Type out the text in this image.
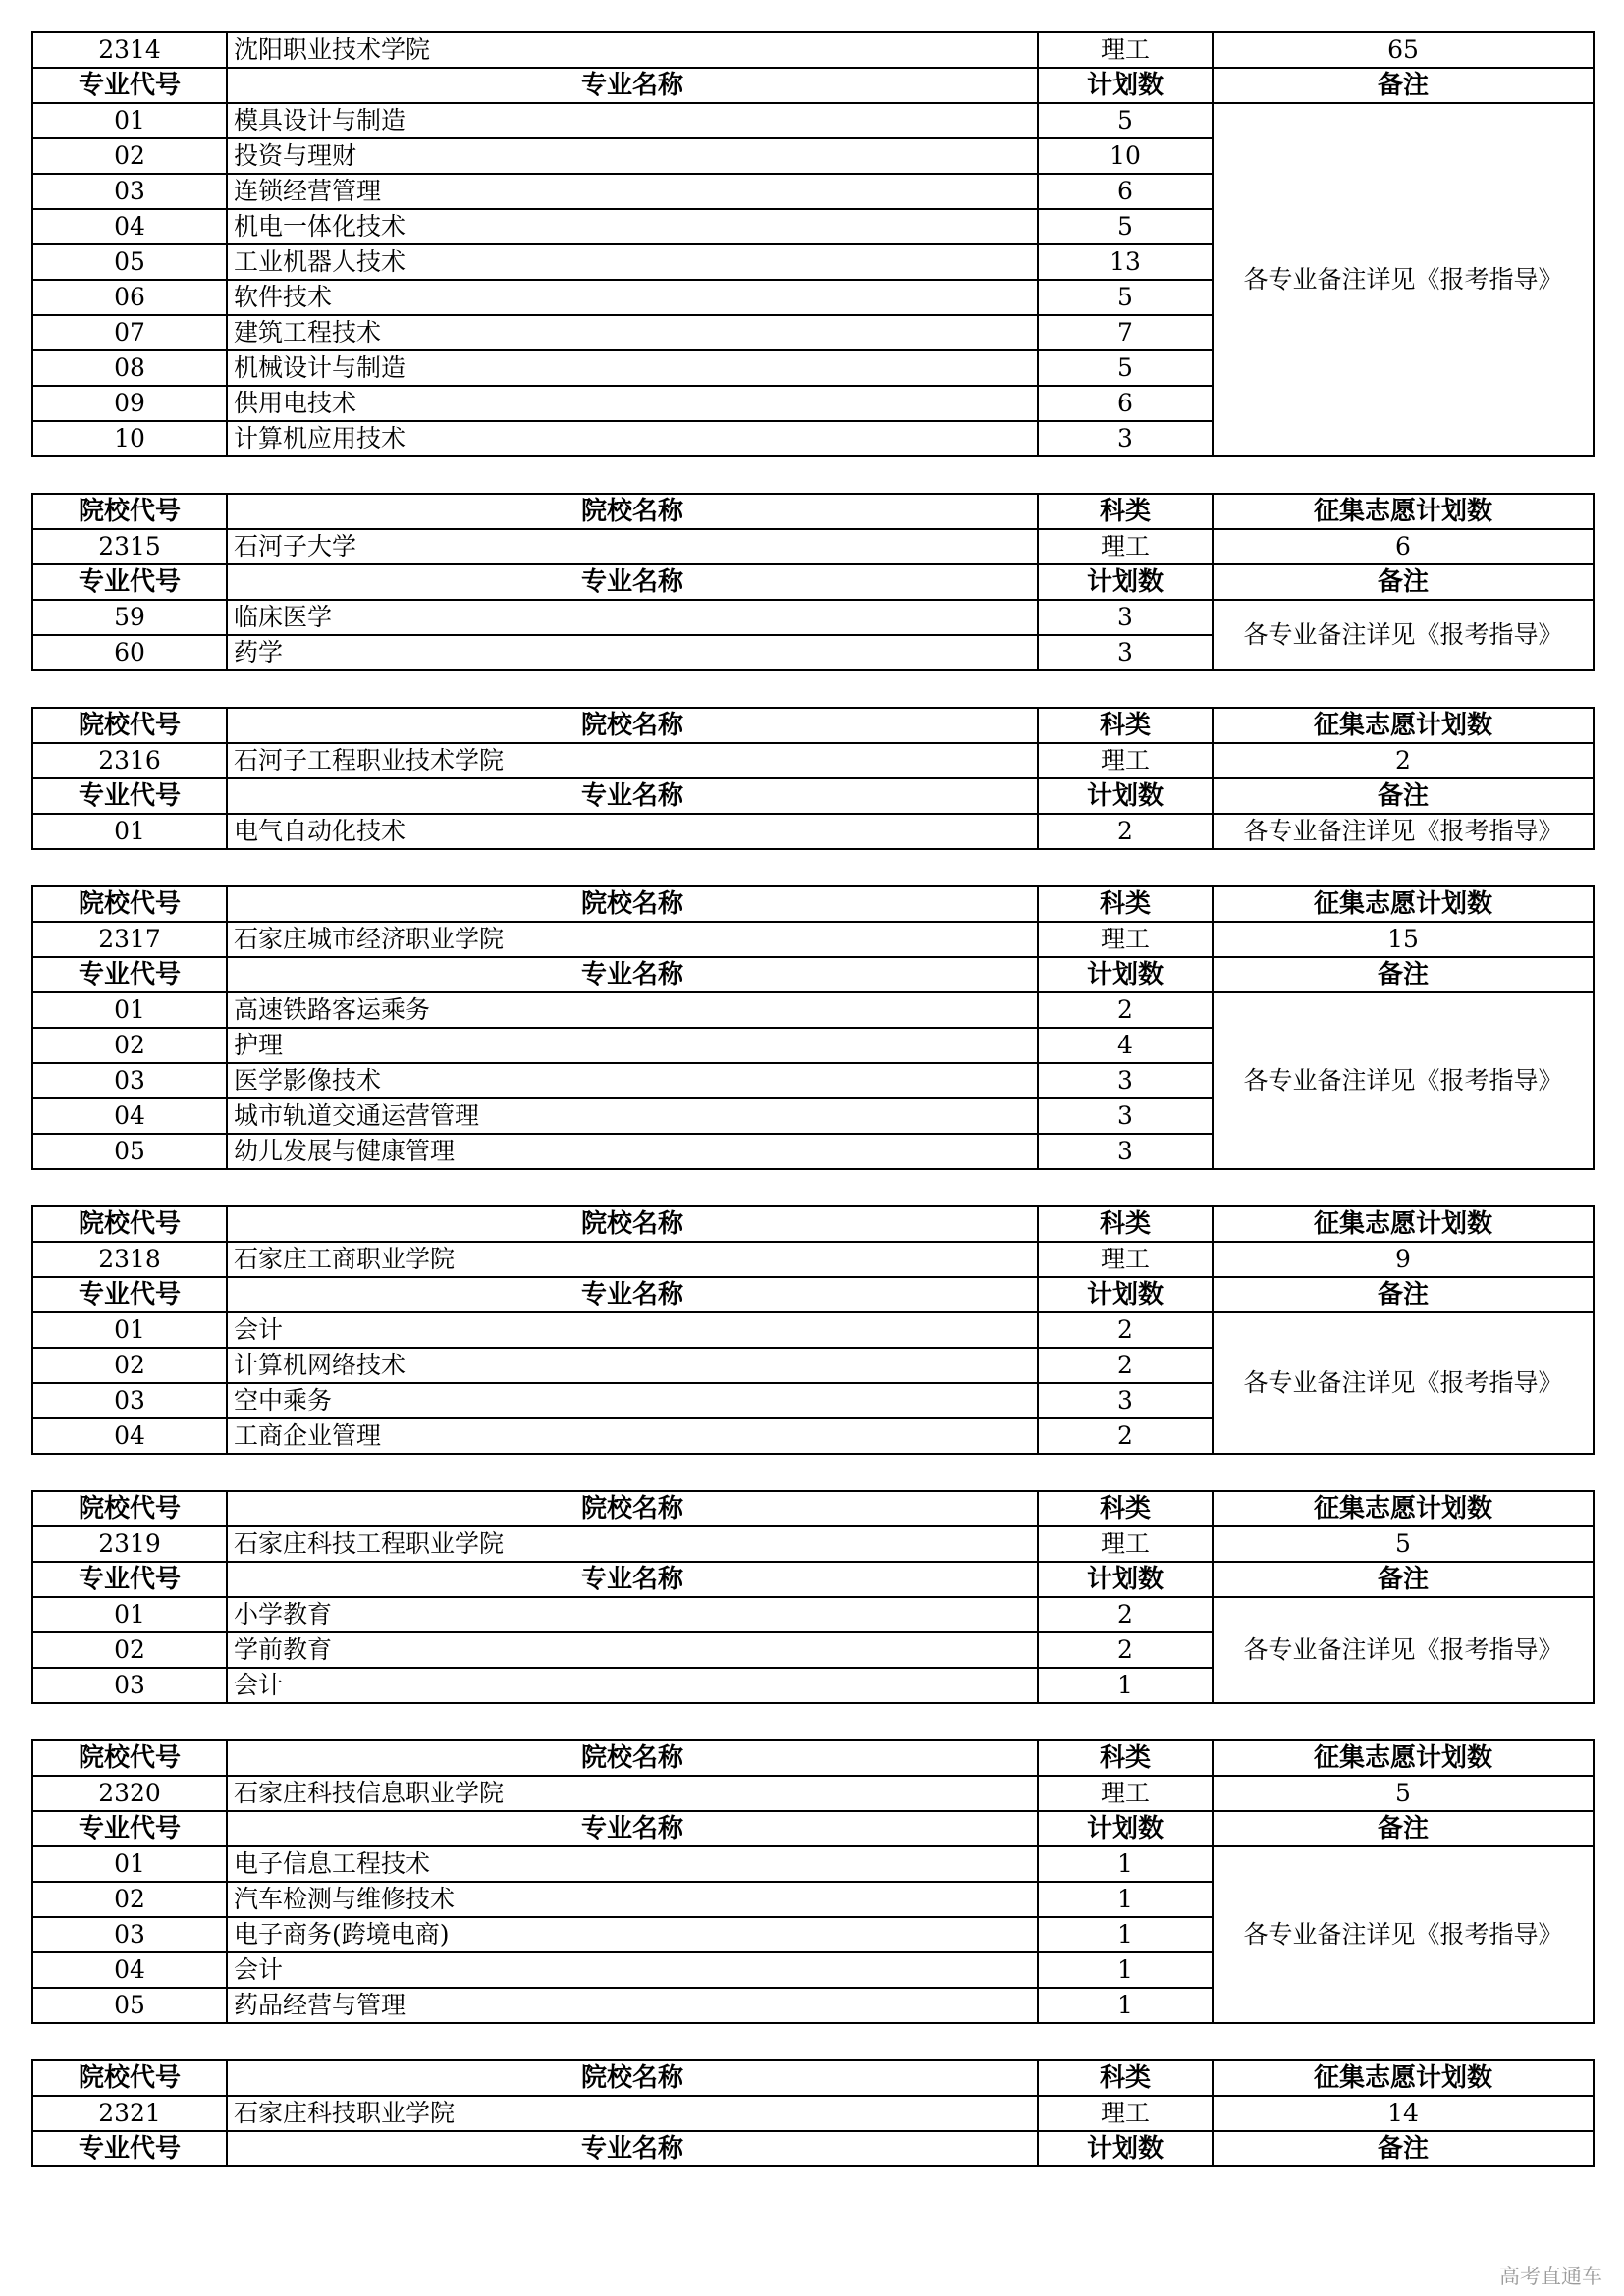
2314	沈阳职业技术学院	理工	65
专业代号	专业名称	计划数	备注
01	模具设计与制造	5	各专业备注详见《报考指导》
02	投资与理财	10	
03	连锁经营管理	6	
04	机电一体化技术	5	
05	工业机器人技术	13	
06	软件技术	5	
07	建筑工程技术	7	
08	机械设计与制造	5	
09	供用电技术	6	
10	计算机应用技术	3	
院校代号	院校名称	科类	征集志愿计划数
2315	石河子大学	理工	6
专业代号	专业名称	计划数	备注
59	临床医学	3	各专业备注详见《报考指导》
60	药学	3	
院校代号	院校名称	科类	征集志愿计划数
2316	石河子工程职业技术学院	理工	2
专业代号	专业名称	计划数	备注
01	电气自动化技术	2	各专业备注详见《报考指导》
院校代号	院校名称	科类	征集志愿计划数
2317	石家庄城市经济职业学院	理工	15
专业代号	专业名称	计划数	备注
01	高速铁路客运乘务	2	各专业备注详见《报考指导》
02	护理	4	
03	医学影像技术	3	
04	城市轨道交通运营管理	3	
05	幼儿发展与健康管理	3	
院校代号	院校名称	科类	征集志愿计划数
2318	石家庄工商职业学院	理工	9
专业代号	专业名称	计划数	备注
01	会计	2	各专业备注详见《报考指导》
02	计算机网络技术	2	
03	空中乘务	3	
04	工商企业管理	2	
院校代号	院校名称	科类	征集志愿计划数
2319	石家庄科技工程职业学院	理工	5
专业代号	专业名称	计划数	备注
01	小学教育	2	各专业备注详见《报考指导》
02	学前教育	2	
03	会计	1	
院校代号	院校名称	科类	征集志愿计划数
2320	石家庄科技信息职业学院	理工	5
专业代号	专业名称	计划数	备注
01	电子信息工程技术	1	各专业备注详见《报考指导》
02	汽车检测与维修技术	1	
03	电子商务(跨境电商)	1	
04	会计	1	
05	药品经营与管理	1	
院校代号	院校名称	科类	征集志愿计划数
2321	石家庄科技职业学院	理工	14
专业代号	专业名称	计划数	备注
高考直通车
